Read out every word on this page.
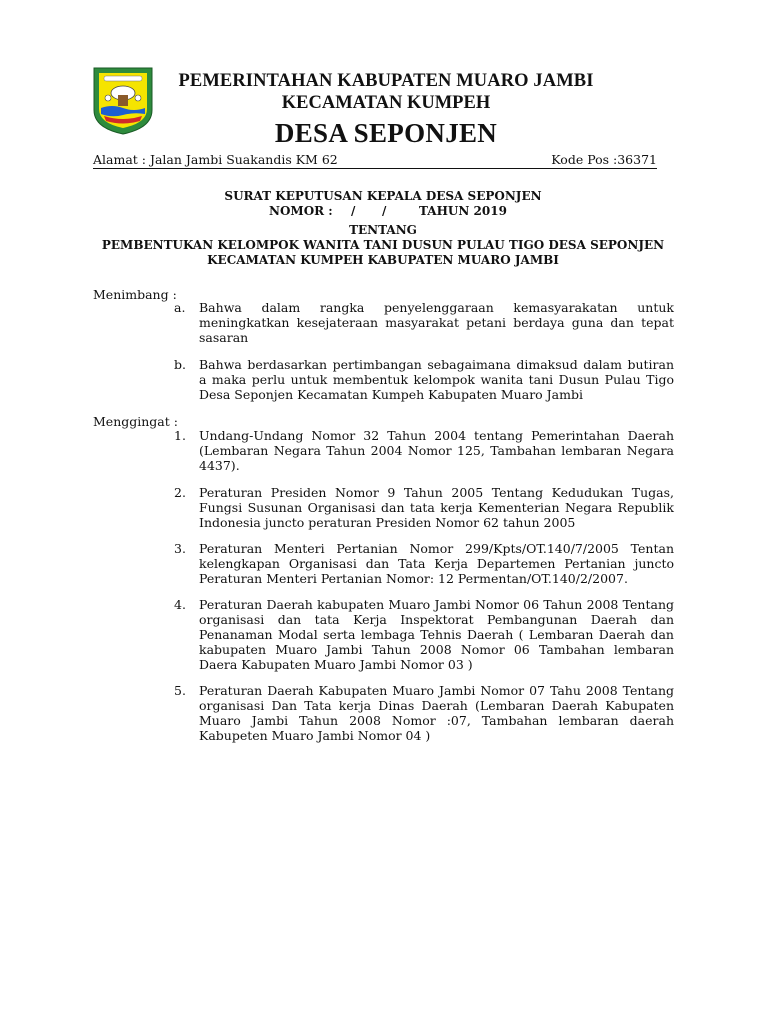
PEMERINTAHAN KABUPATEN MUARO JAMBI
KECAMATAN KUMPEH
DESA SEPONJEN
Alamat : Jalan Jambi Suakandis KM 62	Kode Pos :36371
SURAT KEPUTUSAN KEPALA DESA SEPONJEN
NOMOR : / /	TAHUN 2019
TENTANG
PEMBENTUKAN KELOMPOK WANITA TANI DUSUN PULAU TIGO DESA SEPONJEN
KECAMATAN KUMPEH KABUPATEN MUARO JAMBI
Menimbang :
a.	Bahwa dalam rangka penyelenggaraan kemasyarakatan untuk meningkatkan kesejateraan masyarakat petani berdaya guna dan tepat sasaran
b.	Bahwa berdasarkan pertimbangan sebagaimana dimaksud dalam butiran a maka perlu untuk membentuk kelompok wanita tani Dusun Pulau Tigo Desa Seponjen Kecamatan Kumpeh Kabupaten Muaro Jambi
Menggingat :
1.	Undang-Undang Nomor 32 Tahun 2004 tentang Pemerintahan Daerah (Lembaran Negara Tahun 2004 Nomor 125, Tambahan lembaran Negara 4437).
2.	Peraturan Presiden Nomor 9 Tahun 2005 Tentang Kedudukan Tugas, Fungsi Susunan Organisasi dan tata kerja Kementerian Negara Republik Indonesia juncto peraturan Presiden Nomor 62 tahun 2005
3.	Peraturan Menteri Pertanian Nomor 299/Kpts/OT.140/7/2005 Tentan kelengkapan Organisasi dan Tata Kerja Departemen Pertanian juncto Peraturan Menteri Pertanian Nomor: 12 Permentan/OT.140/2/2007.
4.	Peraturan Daerah kabupaten Muaro Jambi Nomor 06 Tahun 2008 Tentang organisasi dan tata Kerja Inspektorat Pembangunan Daerah dan Penanaman Modal serta lembaga Tehnis Daerah ( Lembaran Daerah dan kabupaten Muaro Jambi Tahun 2008 Nomor 06 Tambahan lembaran Daera Kabupaten Muaro Jambi Nomor 03 )
5.	Peraturan Daerah Kabupaten Muaro Jambi Nomor 07 Tahu 2008 Tentang organisasi Dan Tata kerja Dinas Daerah (Lembaran Daerah Kabupaten Muaro Jambi Tahun 2008 Nomor :07, Tambahan lembaran daerah Kabupeten Muaro Jambi Nomor 04 )
